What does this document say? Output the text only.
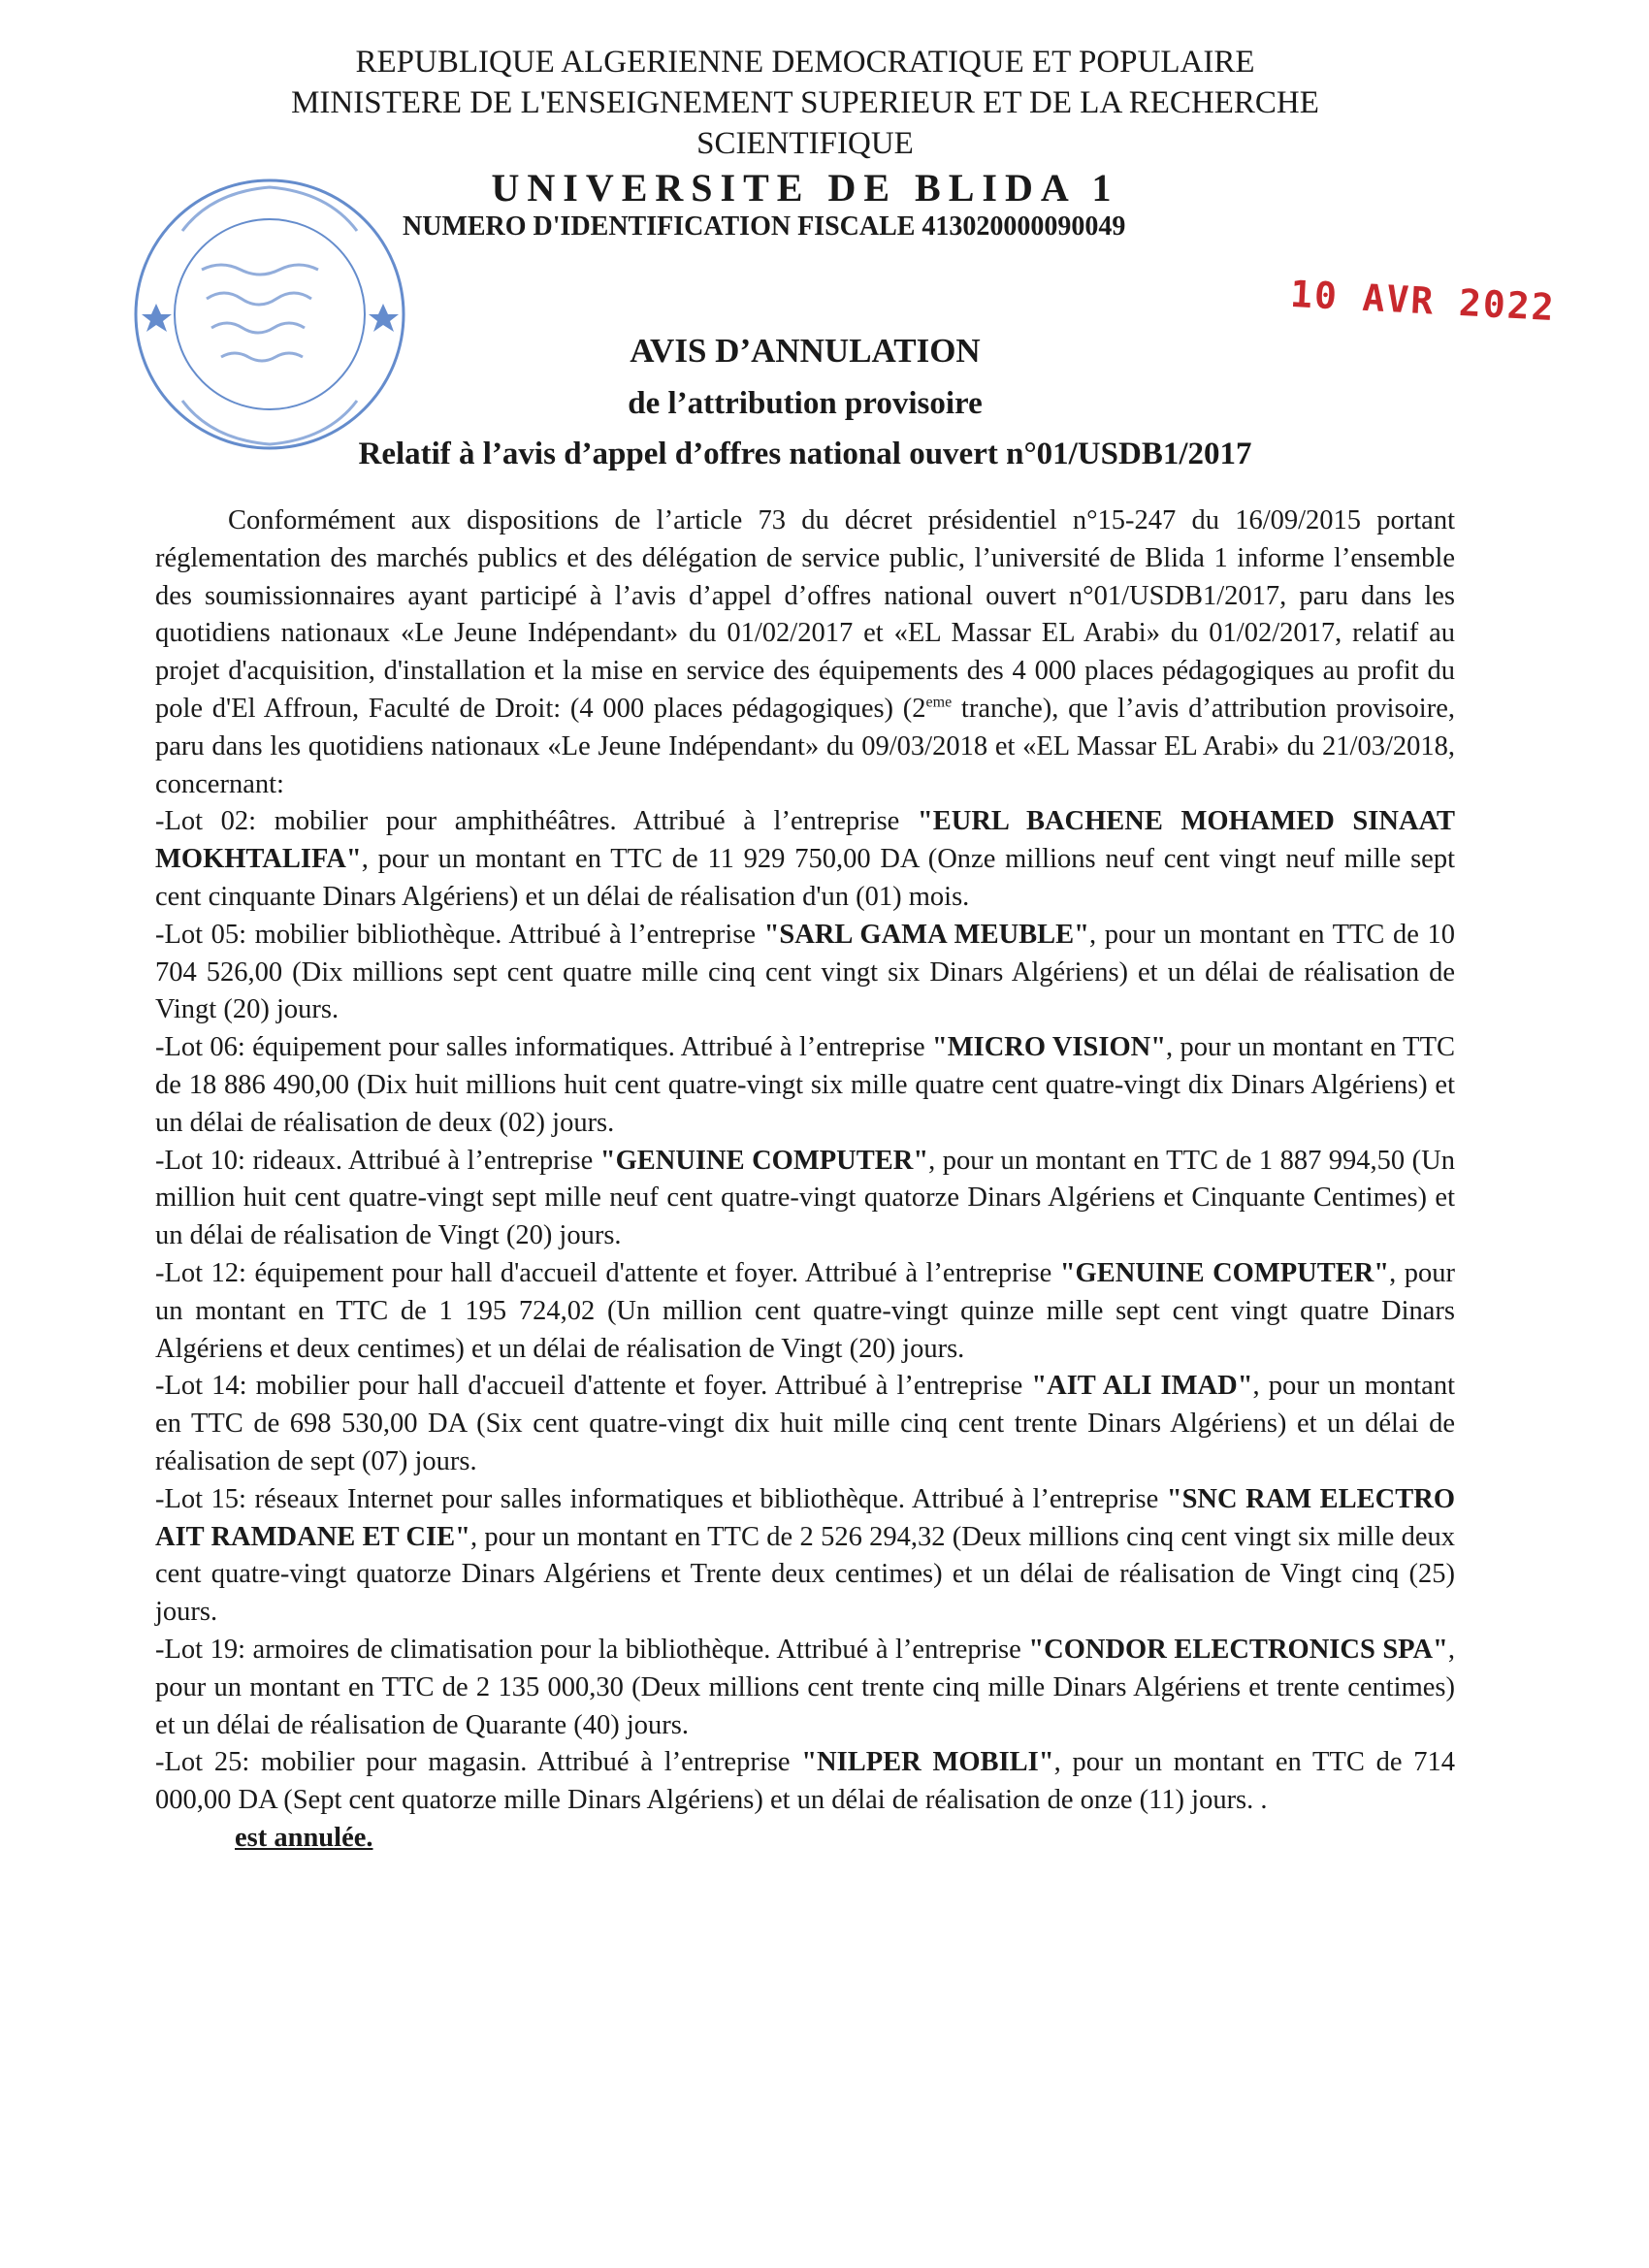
REPUBLIQUE ALGERIENNE DEMOCRATIQUE ET POPULAIRE
MINISTERE DE L'ENSEIGNEMENT SUPERIEUR ET DE LA RECHERCHE
SCIENTIFIQUE
UNIVERSITE DE BLIDA 1
NUMERO D'IDENTIFICATION FISCALE 413020000090049
10 AVR 2022
AVIS D’ANNULATION
de l’attribution provisoire
Relatif à l’avis d’appel d’offres national ouvert n°01/USDB1/2017

Conformément aux dispositions de l’article 73 du décret présidentiel n°15-247 du 16/09/2015 portant réglementation des marchés publics et des délégation de service public, l’université de Blida 1 informe l’ensemble des soumissionnaires ayant participé à l’avis d’appel d’offres national ouvert n°01/USDB1/2017, paru dans les quotidiens nationaux «Le Jeune Indépendant» du 01/02/2017 et «EL Massar EL Arabi» du 01/02/2017, relatif au projet d'acquisition, d'installation et la mise en service des équipements des 4 000 places pédagogiques au profit du pole d'El Affroun, Faculté de Droit: (4 000 places pédagogiques) (2eme tranche), que l’avis d’attribution provisoire, paru dans les quotidiens nationaux «Le Jeune Indépendant» du 09/03/2018 et «EL Massar EL Arabi» du 21/03/2018, concernant:

-Lot 02: mobilier pour amphithéâtres. Attribué à l’entreprise "EURL BACHENE MOHAMED SINAAT MOKHTALIFA", pour un montant en TTC de 11 929 750,00 DA (Onze millions neuf cent vingt neuf mille sept cent cinquante Dinars Algériens) et un délai de réalisation d'un (01) mois.

-Lot 05: mobilier bibliothèque. Attribué à l’entreprise "SARL GAMA MEUBLE", pour un montant en TTC de 10 704 526,00 (Dix millions sept cent quatre mille cinq cent vingt six Dinars Algériens) et un délai de réalisation de Vingt (20) jours.

-Lot 06: équipement pour salles informatiques. Attribué à l’entreprise "MICRO VISION", pour un montant en TTC de 18 886 490,00 (Dix huit millions huit cent quatre-vingt six mille quatre cent quatre-vingt dix Dinars Algériens) et un délai de réalisation de deux (02) jours.

-Lot 10: rideaux. Attribué à l’entreprise "GENUINE COMPUTER", pour un montant en TTC de 1 887 994,50 (Un million huit cent quatre-vingt sept mille neuf cent quatre-vingt quatorze Dinars Algériens et Cinquante Centimes) et un délai de réalisation de Vingt (20) jours.

-Lot 12: équipement pour hall d'accueil d'attente et foyer. Attribué à l’entreprise "GENUINE COMPUTER", pour un montant en TTC de 1 195 724,02 (Un million cent quatre-vingt quinze mille sept cent vingt quatre Dinars Algériens et deux centimes) et un délai de réalisation de Vingt (20) jours.

-Lot 14: mobilier pour hall d'accueil d'attente et foyer. Attribué à l’entreprise "AIT ALI IMAD", pour un montant en TTC de 698 530,00 DA (Six cent quatre-vingt dix huit mille cinq cent trente Dinars Algériens) et un délai de réalisation de sept (07) jours.

-Lot 15: réseaux Internet pour salles informatiques et bibliothèque. Attribué à l’entreprise "SNC RAM ELECTRO AIT RAMDANE ET CIE", pour un montant en TTC de 2 526 294,32 (Deux millions cinq cent vingt six mille deux cent quatre-vingt quatorze Dinars Algériens et Trente deux centimes) et un délai de réalisation de Vingt cinq (25) jours.

-Lot 19: armoires de climatisation pour la bibliothèque. Attribué à l’entreprise "CONDOR ELECTRONICS SPA", pour un montant en TTC de 2 135 000,30 (Deux millions cent trente cinq mille Dinars Algériens et trente centimes) et un délai de réalisation de Quarante (40) jours.

-Lot 25: mobilier pour magasin. Attribué à l’entreprise "NILPER MOBILI", pour un montant en TTC de 714 000,00 DA (Sept cent quatorze mille Dinars Algériens) et un délai de réalisation de onze (11) jours. .

est annulée.
